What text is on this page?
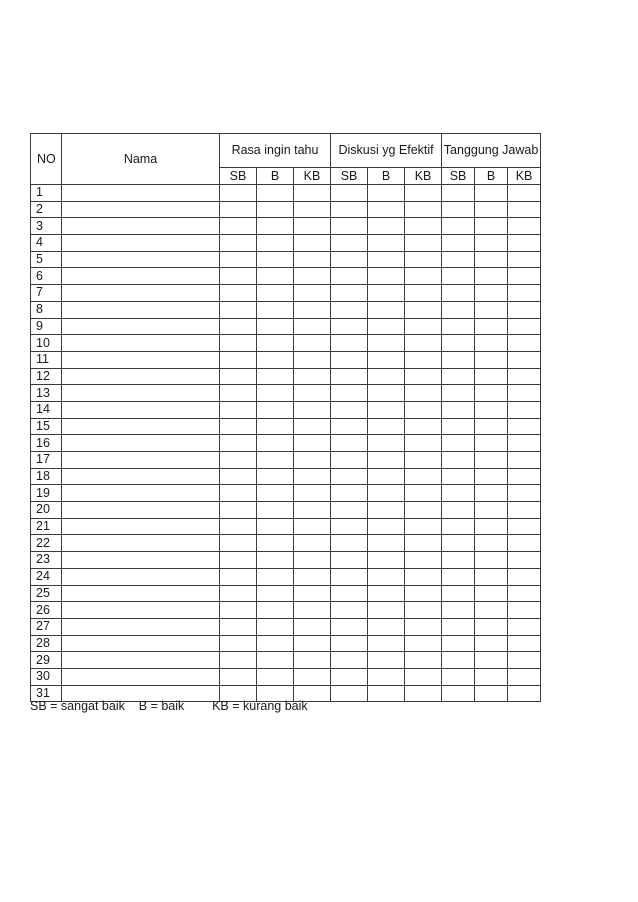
NO	Nama	Rasa ingin tahu			Diskusi yg Efektif			Tanggung Jawab		
		SB	B	KB	SB	B	KB	SB	B	KB
1										
2										
3										
4										
5										
6										
7										
8										
9										
10										
11										
12										
13										
14										
15										
16										
17										
18										
19										
20										
21										
22										
23										
24										
25										
26										
27										
28										
29										
30										
31										
SB = sangat baik B = baik KB = kurang baik
